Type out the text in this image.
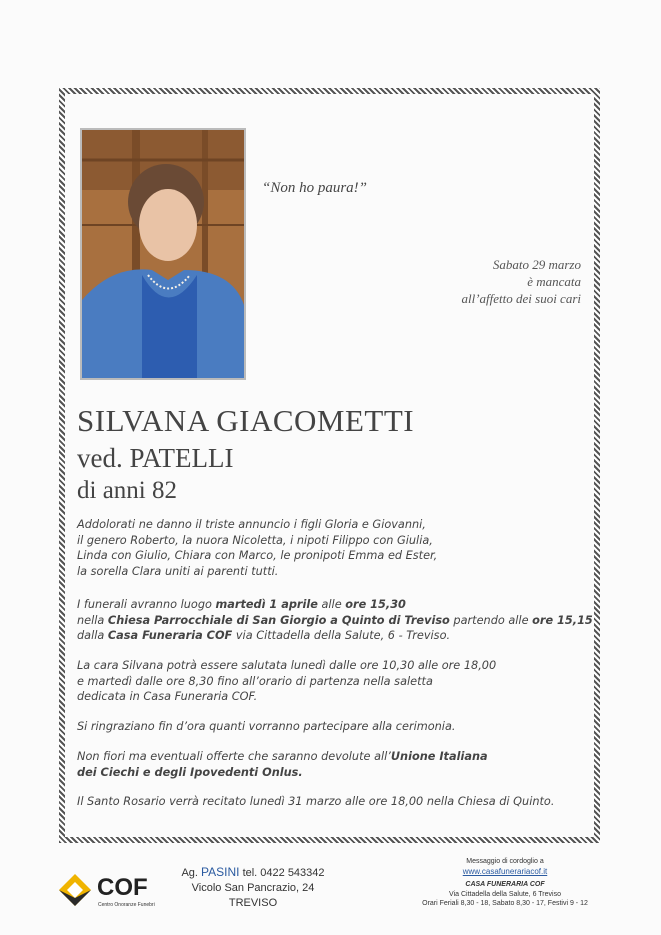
“Non ho paura!”
Sabato 29 marzo
è mancata
all’affetto dei suoi cari
SILVANA GIACOMETTI
ved. PATELLI
di anni 82
Addolorati ne danno il triste annuncio i figli Gloria e Giovanni,
il genero Roberto, la nuora Nicoletta, i nipoti Filippo con Giulia,
Linda con Giulio, Chiara con Marco, le pronipoti Emma ed Ester,
la sorella Clara uniti ai parenti tutti.
I funerali avranno luogo martedì 1 aprile alle ore 15,30
nella Chiesa Parrocchiale di San Giorgio a Quinto di Treviso partendo alle ore 15,15
dalla Casa Funeraria COF via Cittadella della Salute, 6 - Treviso.
La cara Silvana potrà essere salutata lunedì dalle ore 10,30 alle ore 18,00
e martedì dalle ore 8,30 fino all’orario di partenza nella saletta
dedicata in Casa Funeraria COF.
Si ringraziano fin d’ora quanti vorranno partecipare alla cerimonia.
Non fiori ma eventuali offerte che saranno devolute all’Unione Italiana
dei Ciechi e degli Ipovedenti Onlus.
Il Santo Rosario verrà recitato lunedì 31 marzo alle ore 18,00 nella Chiesa di Quinto.
COF
Centro Onoranze Funebri
Ag. PASINI tel. 0422 543342
Vicolo San Pancrazio, 24
TREVISO
Messaggio di cordoglio a
www.casafunerariacof.it
CASA FUNERARIA COF
Via Cittadella della Salute, 6 Treviso
Orari Feriali 8,30 - 18, Sabato 8,30 - 17, Festivi 9 - 12
